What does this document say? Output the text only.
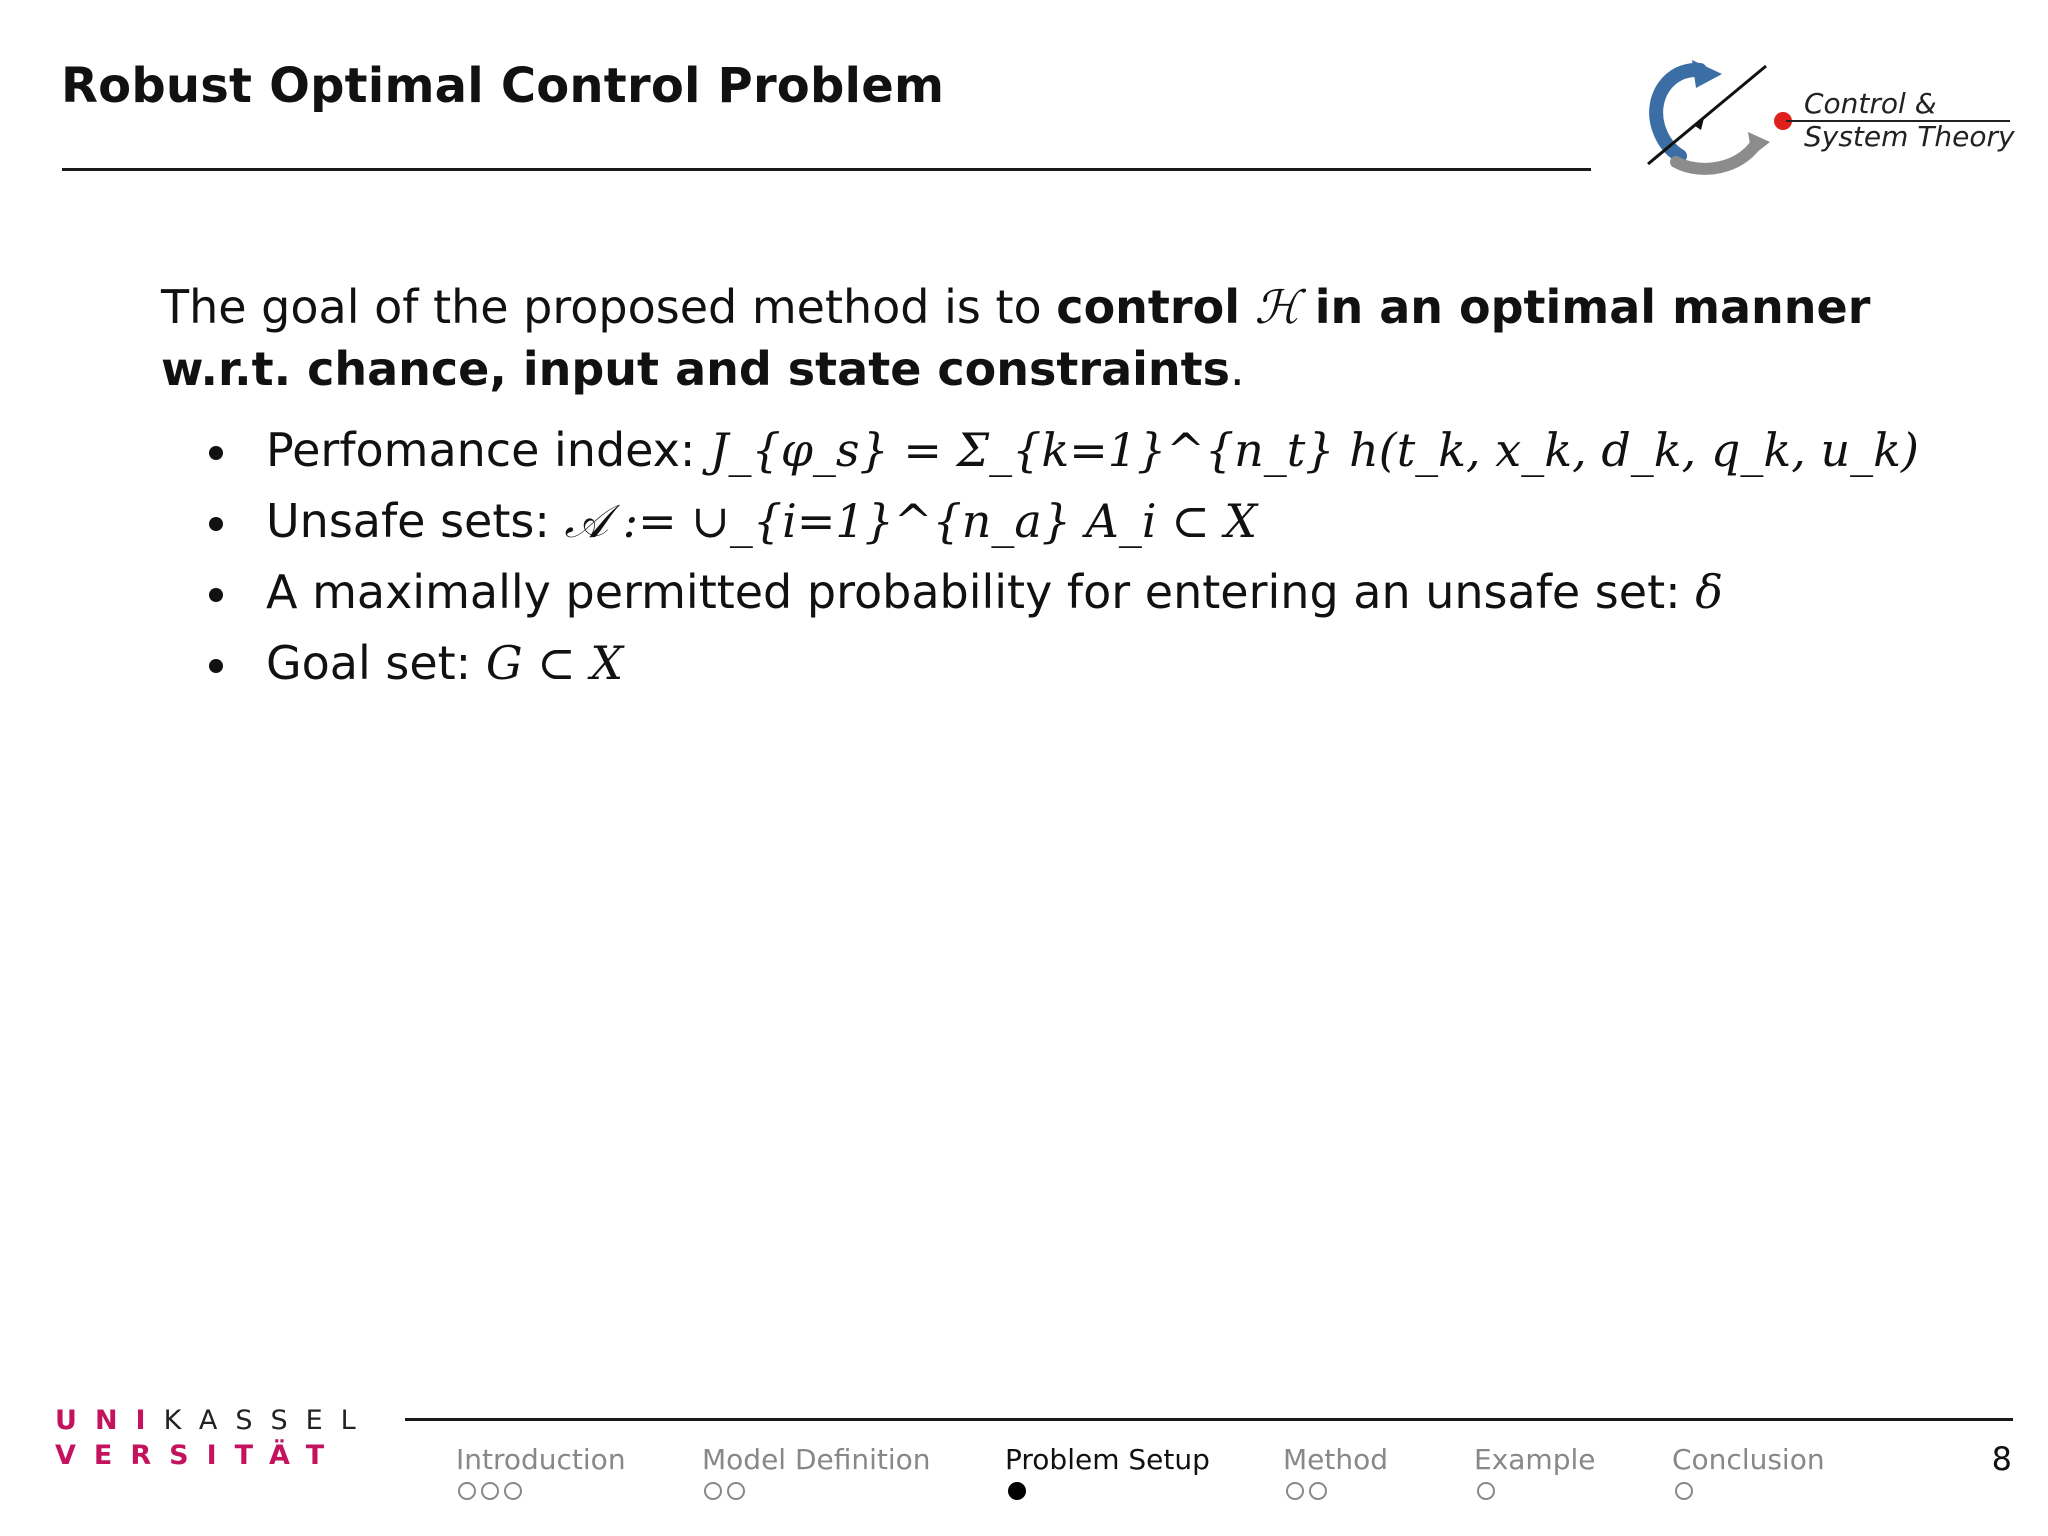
Robust Optimal Control Problem	Control &
System Theory
The goal of the proposed method is to control ℋ in an optimal manner w.r.t. chance, input and state constraints.
Perfomance index: J_{φ_s} = Σ_{k=1}^{n_t} h(t_k, x_k, d_k, q_k, u_k)
Unsafe sets: 𝒜 := ∪_{i=1}^{n_a} A_i ⊂ X
A maximally permitted probability for entering an unsafe set: δ
Goal set: G ⊂ X
UNIKASSEL
VERSITÄT	Introduction	Model Definition	Problem Setup	Method	Example	Conclusion	8
